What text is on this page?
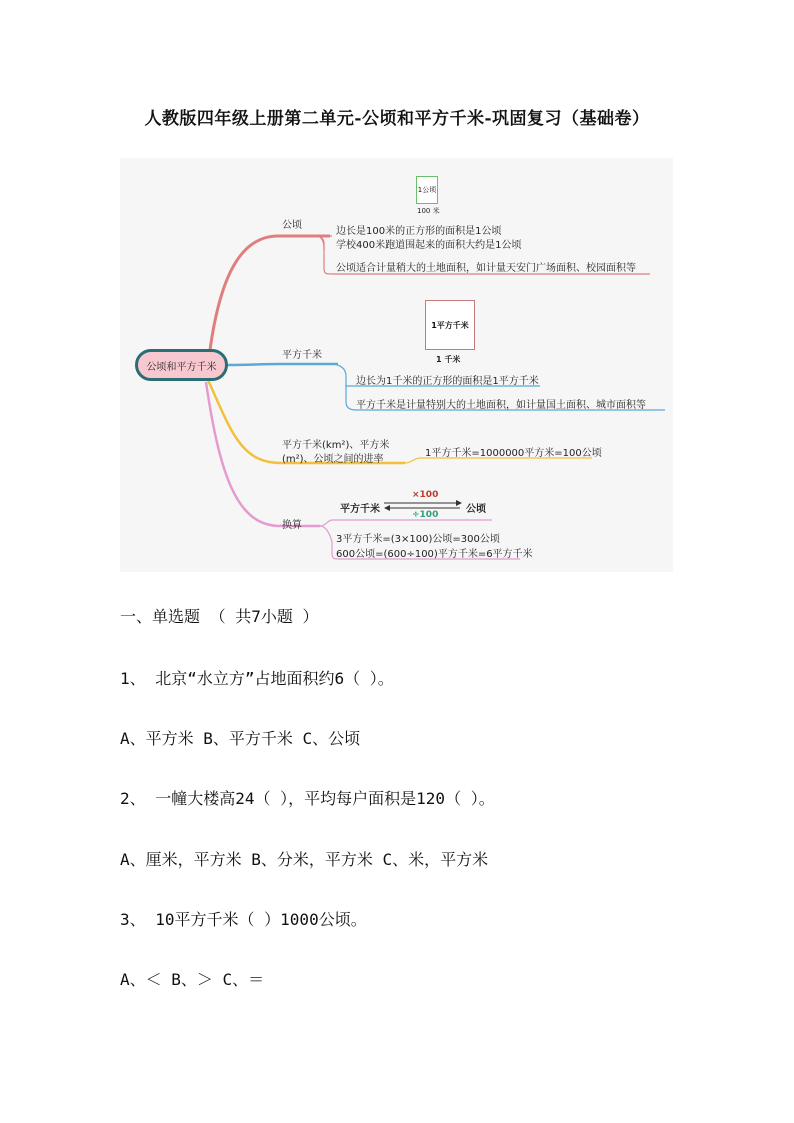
人教版四年级上册第二单元-公顷和平方千米-巩固复习（基础卷）
公顷和平方千米
公顷
1公顷
100 米
边长是100米的正方形的面积是1公顷
学校400米跑道围起来的面积大约是1公顷
公顷适合计量稍大的土地面积，如计量天安门广场面积、校园面积等
平方千米
1平方千米
1 千米
边长为1千米的正方形的面积是1平方千米
平方千米是计量特别大的土地面积，如计量国土面积、城市面积等
平方千米(km²)、平方米
(m²)、公顷之间的进率
1平方千米=1000000平方米=100公顷
换算
平方千米	公顷
×100
÷100
3平方千米=(3×100)公顷=300公顷
600公顷=(600÷100)平方千米=6平方千米
一、单选题 （ 共7小题 ）
1、 北京“水立方”占地面积约6（ ）。
A、平方米 B、平方千米 C、公顷
2、 一幢大楼高24（ ），平均每户面积是120（ ）。
A、厘米，平方米 B、分米，平方米 C、米，平方米
3、 10平方千米（ ）1000公顷。
A、＜ B、＞ C、＝
